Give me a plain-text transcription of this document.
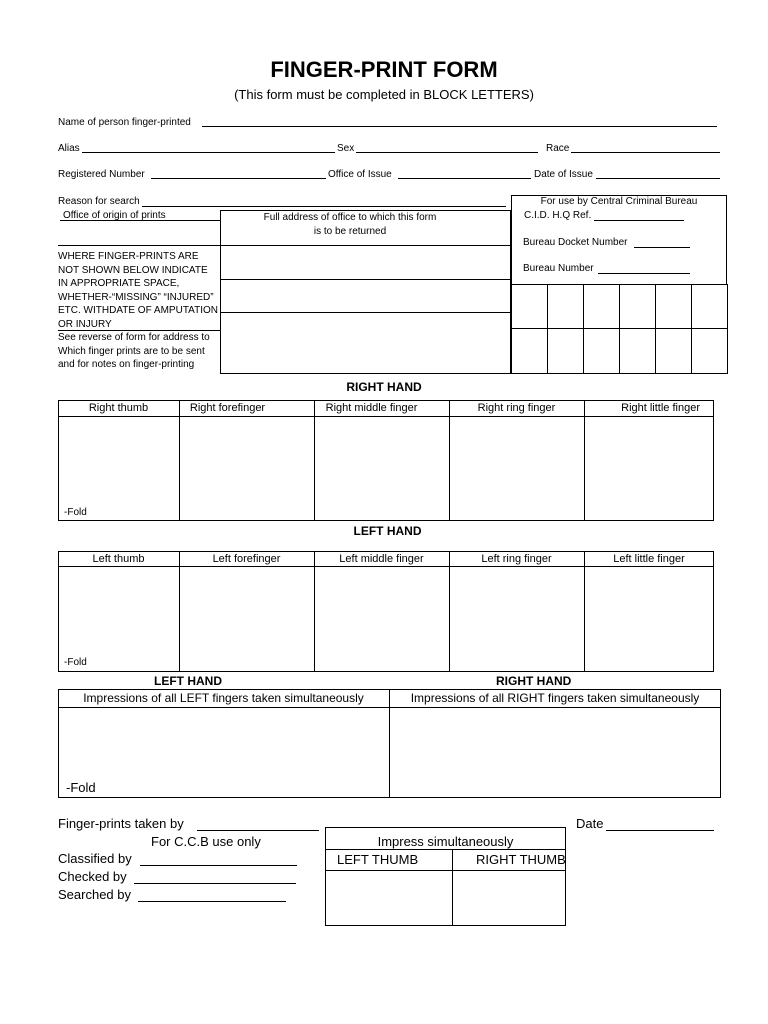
FINGER-PRINT FORM
(This form must be completed in BLOCK LETTERS)
Name of person finger-printed
Alias	Sex	Race
Registered Number	Office of Issue	Date of Issue
Reason for search
Office of origin of prints
WHERE FINGER-PRINTS ARE NOT SHOWN BELOW INDICATE IN APPROPRIATE SPACE, WHETHER-“MISSING” “INJURED” ETC. WITHDATE OF AMPUTATION OR INJURY
See reverse of form for address to Which finger prints are to be sent and for notes on finger-printing
Full address of office to which this form is to be returned
For use by Central Criminal Bureau
C.I.D. H.Q Ref.
Bureau Docket Number
Bureau Number
RIGHT HAND
Right thumb	Right forefinger	Right middle finger	Right ring finger	Right little finger
-Fold
LEFT HAND
Left thumb	Left forefinger	Left middle finger	Left ring finger	Left little finger
-Fold
LEFT HAND	RIGHT HAND
Impressions of all LEFT fingers taken simultaneously	Impressions of all RIGHT fingers taken simultaneously
-Fold
Finger-prints taken by	Date
For C.C.B use only
Classified by
Checked by
Searched by
Impress simultaneously
LEFT THUMB	RIGHT THUMB
